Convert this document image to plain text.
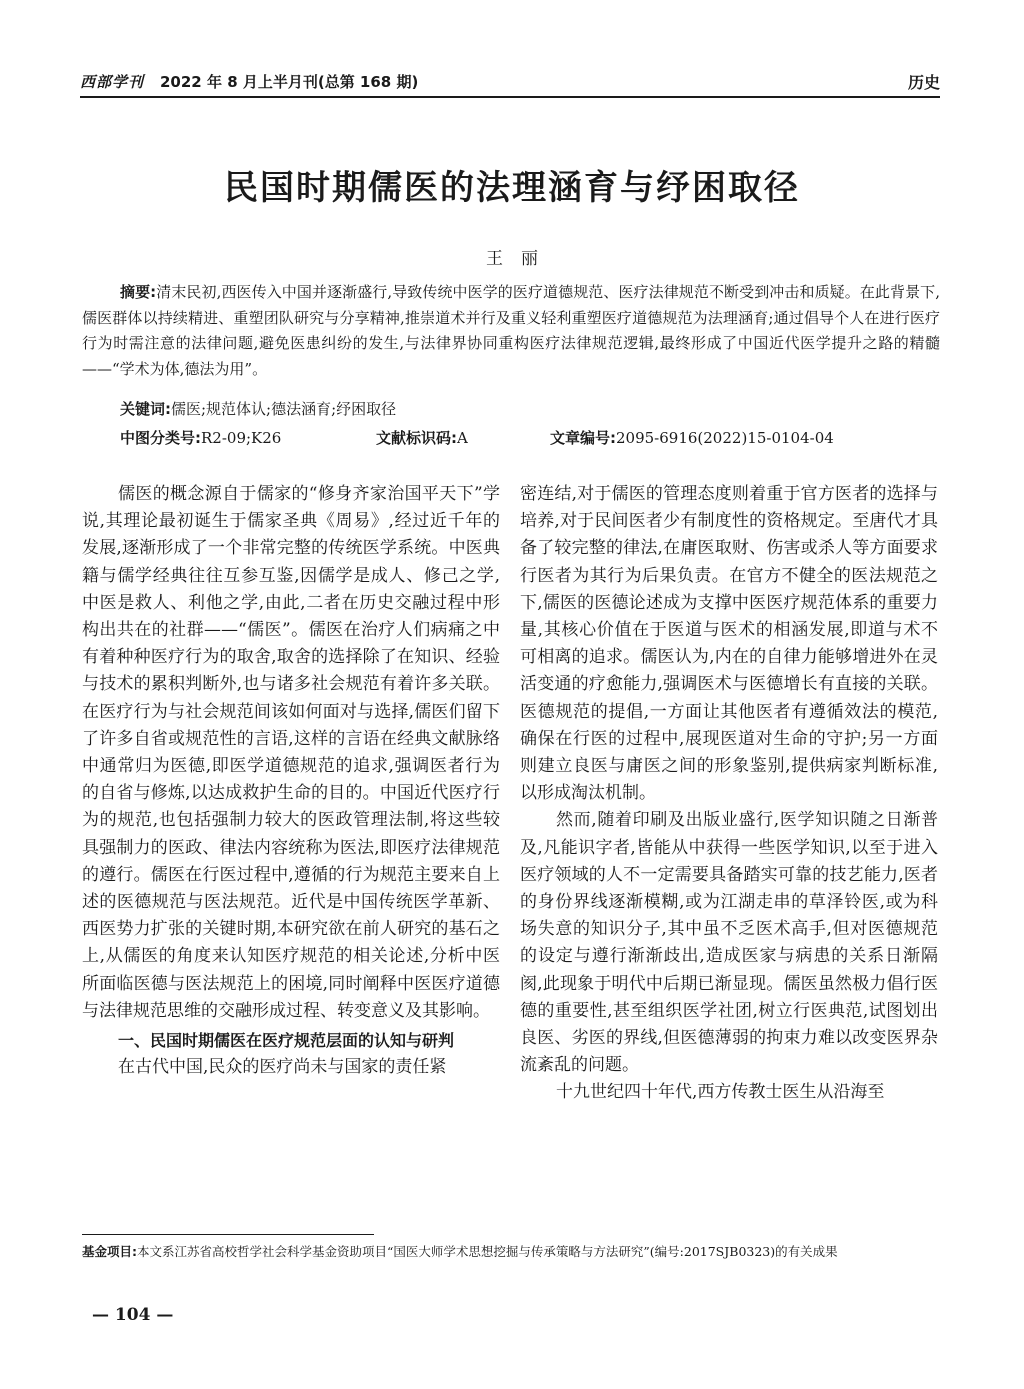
西部学刊 2022 年 8 月上半月刊(总第 168 期)	历史
民国时期儒医的法理涵育与纾困取径
王丽
摘要:清末民初,西医传入中国并逐渐盛行,导致传统中医学的医疗道德规范、医疗法律规范不断受到冲击和质疑。在此背景下,儒医群体以持续精进、重塑团队研究与分享精神,推崇道术并行及重义轻利重塑医疗道德规范为法理涵育;通过倡导个人在进行医疗行为时需注意的法律问题,避免医患纠纷的发生,与法律界协同重构医疗法律规范逻辑,最终形成了中国近代医学提升之路的精髓——“学术为体,德法为用”。
关键词:儒医;规范体认;德法涵育;纾困取径
中图分类号:R2-09;K26	文献标识码:A	文章编号:2095-6916(2022)15-0104-04

儒医的概念源自于儒家的“修身齐家治国平天下”学说,其理论最初诞生于儒家圣典《周易》,经过近千年的发展,逐渐形成了一个非常完整的传统医学系统。中医典籍与儒学经典往往互参互鉴,因儒学是成人、修己之学,中医是救人、利他之学,由此,二者在历史交融过程中形构出共在的社群——“儒医”。儒医在治疗人们病痛之中有着种种医疗行为的取舍,取舍的选择除了在知识、经验与技术的累积判断外,也与诸多社会规范有着许多关联。在医疗行为与社会规范间该如何面对与选择,儒医们留下了许多自省或规范性的言语,这样的言语在经典文献脉络中通常归为医德,即医学道德规范的追求,强调医者行为的自省与修炼,以达成救护生命的目的。中国近代医疗行为的规范,也包括强制力较大的医政管理法制,将这些较具强制力的医政、律法内容统称为医法,即医疗法律规范的遵行。儒医在行医过程中,遵循的行为规范主要来自上述的医德规范与医法规范。近代是中国传统医学革新、西医势力扩张的关键时期,本研究欲在前人研究的基石之上,从儒医的角度来认知医疗规范的相关论述,分析中医所面临医德与医法规范上的困境,同时阐释中医医疗道德与法律规范思维的交融形成过程、转变意义及其影响。

一、民国时期儒医在医疗规范层面的认知与研判

在古代中国,民众的医疗尚未与国家的责任紧

密连结,对于儒医的管理态度则着重于官方医者的选择与培养,对于民间医者少有制度性的资格规定。至唐代才具备了较完整的律法,在庸医取财、伤害或杀人等方面要求行医者为其行为后果负责。在官方不健全的医法规范之下,儒医的医德论述成为支撑中医医疗规范体系的重要力量,其核心价值在于医道与医术的相涵发展,即道与术不可相离的追求。儒医认为,内在的自律力能够增进外在灵活变通的疗愈能力,强调医术与医德增长有直接的关联。医德规范的提倡,一方面让其他医者有遵循效法的模范,确保在行医的过程中,展现医道对生命的守护;另一方面则建立良医与庸医之间的形象鉴别,提供病家判断标准,以形成淘汰机制。

然而,随着印刷及出版业盛行,医学知识随之日渐普及,凡能识字者,皆能从中获得一些医学知识,以至于进入医疗领域的人不一定需要具备踏实可靠的技艺能力,医者的身份界线逐渐模糊,或为江湖走串的草泽铃医,或为科场失意的知识分子,其中虽不乏医术高手,但对医德规范的设定与遵行渐渐歧出,造成医家与病患的关系日渐隔阂,此现象于明代中后期已渐显现。儒医虽然极力倡行医德的重要性,甚至组织医学社团,树立行医典范,试图划出良医、劣医的界线,但医德薄弱的拘束力难以改变医界杂流紊乱的问题。

十九世纪四十年代,西方传教士医生从沿海至

基金项目:本文系江苏省高校哲学社会科学基金资助项目“国医大师学术思想挖掘与传承策略与方法研究”(编号:2017SJB0323)的有关成果
— 104 —
